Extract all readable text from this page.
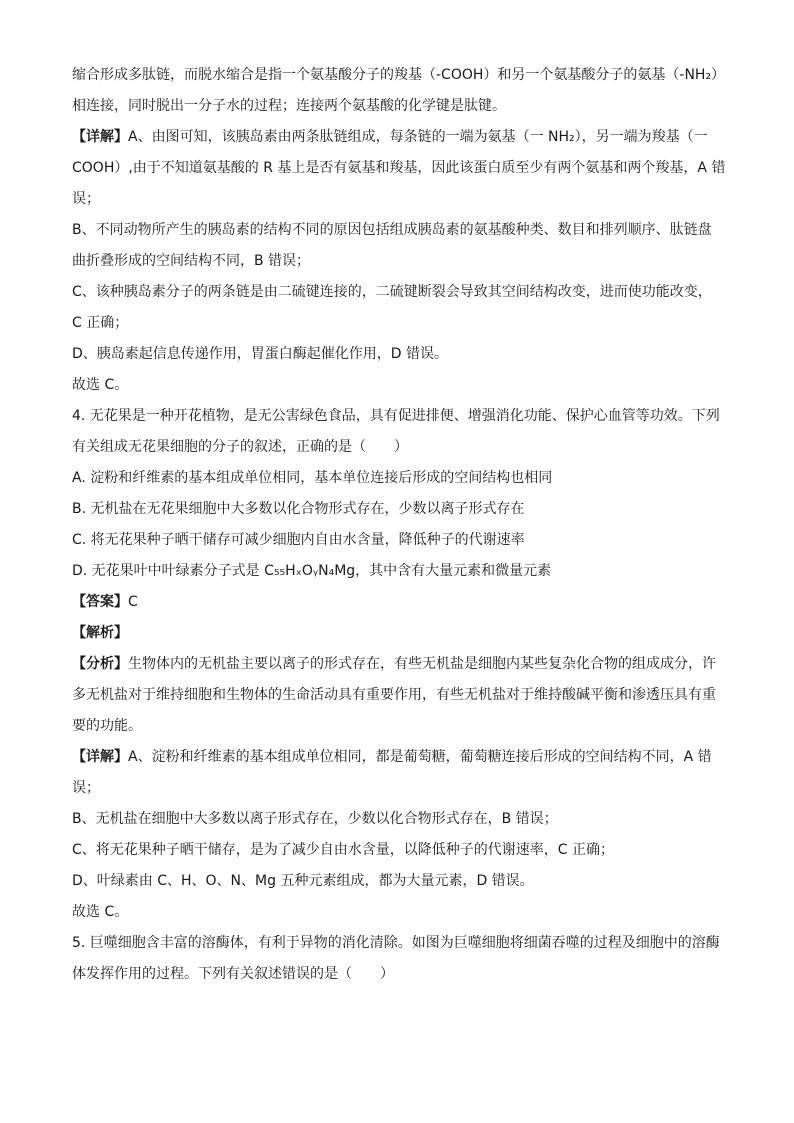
缩合形成多肽链，而脱水缩合是指一个氨基酸分子的羧基（-COOH）和另一个氨基酸分子的氨基（-NH₂）
相连接，同时脱出一分子水的过程；连接两个氨基酸的化学键是肽键。
【详解】A、由图可知，该胰岛素由两条肽链组成，每条链的一端为氨基（一 NH₂），另一端为羧基（一
COOH）,由于不知道氨基酸的 R 基上是否有氨基和羧基，因此该蛋白质至少有两个氨基和两个羧基，A 错
误；
B、不同动物所产生的胰岛素的结构不同的原因包括组成胰岛素的氨基酸种类、数目和排列顺序、肽链盘
曲折叠形成的空间结构不同，B 错误；
C、该种胰岛素分子的两条链是由二硫键连接的，二硫键断裂会导致其空间结构改变，进而使功能改变，
C 正确；
D、胰岛素起信息传递作用，胃蛋白酶起催化作用，D 错误。
故选 C。
4. 无花果是一种开花植物，是无公害绿色食品，具有促进排便、增强消化功能、保护心血管等功效。下列
有关组成无花果细胞的分子的叙述，正确的是（　　）
A. 淀粉和纤维素的基本组成单位相同，基本单位连接后形成的空间结构也相同
B. 无机盐在无花果细胞中大多数以化合物形式存在，少数以离子形式存在
C. 将无花果种子晒干储存可减少细胞内自由水含量，降低种子的代谢速率
D. 无花果叶中叶绿素分子式是 C₅₅HₓOᵧN₄Mg，其中含有大量元素和微量元素
【答案】C
【解析】
【分析】生物体内的无机盐主要以离子的形式存在，有些无机盐是细胞内某些复杂化合物的组成成分，许
多无机盐对于维持细胞和生物体的生命活动具有重要作用，有些无机盐对于维持酸碱平衡和渗透压具有重
要的功能。
【详解】A、淀粉和纤维素的基本组成单位相同，都是葡萄糖，葡萄糖连接后形成的空间结构不同，A 错
误；
B、无机盐在细胞中大多数以离子形式存在，少数以化合物形式存在，B 错误；
C、将无花果种子晒干储存，是为了减少自由水含量，以降低种子的代谢速率，C 正确；
D、叶绿素由 C、H、O、N、Mg 五种元素组成，都为大量元素，D 错误。
故选 C。
5. 巨噬细胞含丰富的溶酶体，有利于异物的消化清除。如图为巨噬细胞将细菌吞噬的过程及细胞中的溶酶
体发挥作用的过程。下列有关叙述错误的是（　　）
